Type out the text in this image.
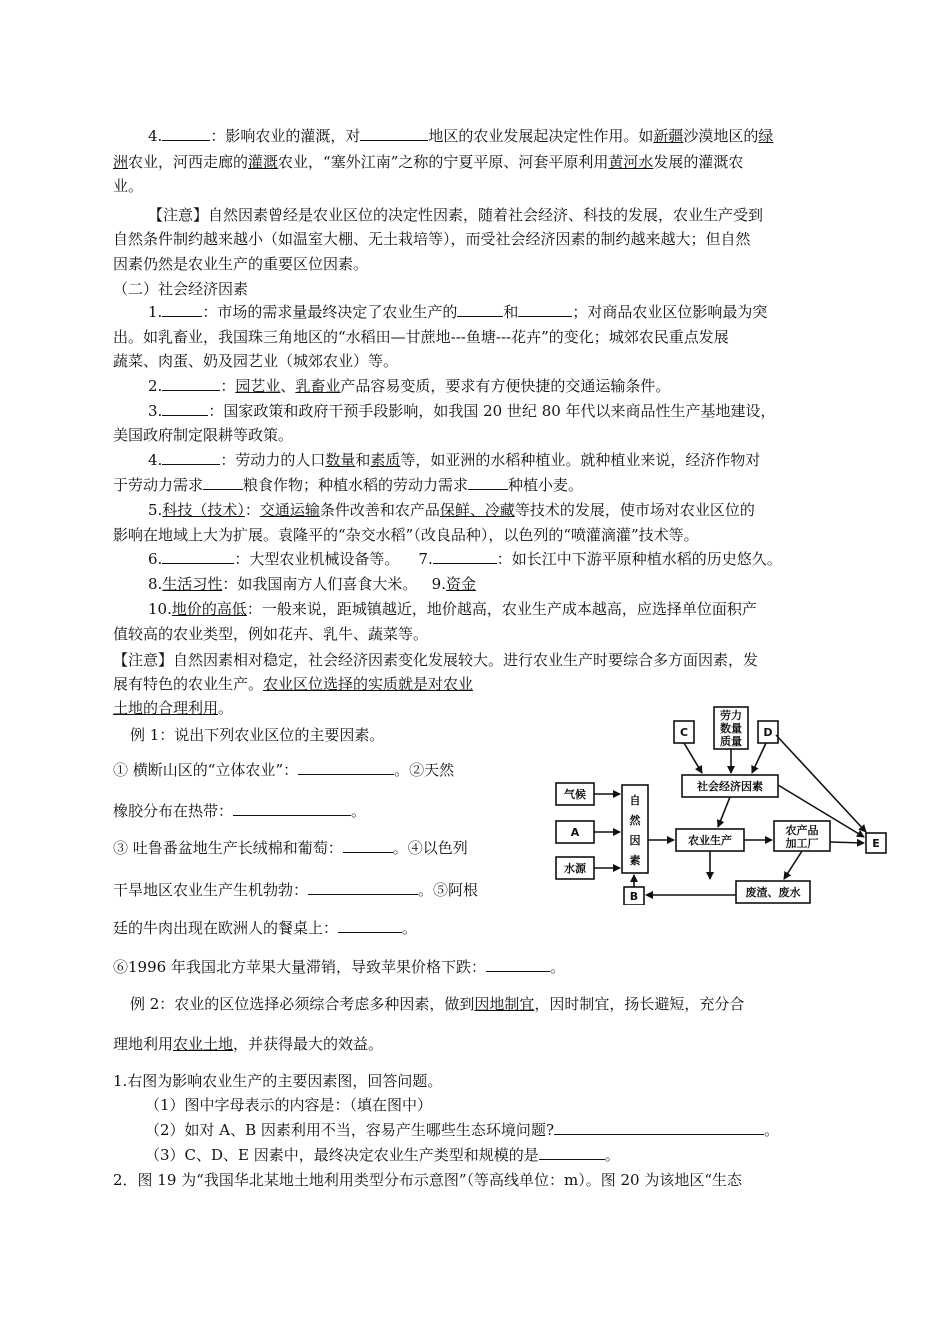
4.	：影响农业的灌溉，对	地区的农业发展起决定性作用。如新疆沙漠地区的绿
洲农业，河西走廊的灌溉农业，“塞外江南”之称的宁夏平原、河套平原利用黄河水发展的灌溉农
业。
【注意】自然因素曾经是农业区位的决定性因素，随着社会经济、科技的发展，农业生产受到
自然条件制约越来越小（如温室大棚、无土栽培等），而受社会经济因素的制约越来越大；但自然
因素仍然是农业生产的重要区位因素。
（二）社会经济因素
1.	：市场的需求量最终决定了农业生产的	和	；对商品农业区位影响最为突
出。如乳畜业，我国珠三角地区的“水稻田—甘蔗地---鱼塘---花卉”的变化；城郊农民重点发展
蔬菜、肉蛋、奶及园艺业（城郊农业）等。
2.	：园艺业、乳畜业产品容易变质，要求有方便快捷的交通运输条件。
3.	：国家政策和政府干预手段影响，如我国 20 世纪 80 年代以来商品性生产基地建设，
美国政府制定限耕等政策。
4.	：劳动力的人口数量和素质等，如亚洲的水稻种植业。就种植业来说，经济作物对
于劳动力需求	粮食作物；种植水稻的劳动力需求	种植小麦。
5.科技（技术）：交通运输条件改善和农产品保鲜、冷藏等技术的发展，使市场对农业区位的
影响在地域上大为扩展。袁隆平的“杂交水稻”（改良品种），以色列的“喷灌滴灌”技术等。
6.	：大型农业机械设备等。 7.	：如长江中下游平原种植水稻的历史悠久。
8.生活习性：如我国南方人们喜食大米。 9.资金
10.地价的高低：一般来说，距城镇越近，地价越高，农业生产成本越高，应选择单位面积产
值较高的农业类型，例如花卉、乳牛、蔬菜等。
【注意】自然因素相对稳定，社会经济因素变化发展较大。进行农业生产时要综合多方面因素，发
展有特色的农业生产。农业区位选择的实质就是对农业
土地的合理利用。
例 1：说出下列农业区位的主要因素。
① 横断山区的“立体农业”：	。②天然
橡胶分布在热带：	。
③ 吐鲁番盆地生产长绒棉和葡萄：	。④以色列
干旱地区农业生产生机勃勃：	。⑤阿根
廷的牛肉出现在欧洲人的餐桌上：	。
⑥1996 年我国北方苹果大量滞销，导致苹果价格下跌：	。
例 2：农业的区位选择必须综合考虑多种因素，做到因地制宜，因时制宜，扬长避短，充分合
理地利用农业土地，并获得最大的效益。
1.右图为影响农业生产的主要因素图，回答问题。
（1）图中字母表示的内容是：（填在图中）
（2）如对 A、B 因素利用不当，容易产生哪些生态环境问题?	。
（3）C、D、E 因素中，最终决定农业生产类型和规模的是	。
2．图 19 为“我国华北某地土地利用类型分布示意图”（等高线单位：m）。图 20 为该地区“生态
C
劳力
数量
质量
D
社会经济因素
气候
A
水源
自
然
因
素
农业生产
农产品
加工厂	E
B	废渣、废水
